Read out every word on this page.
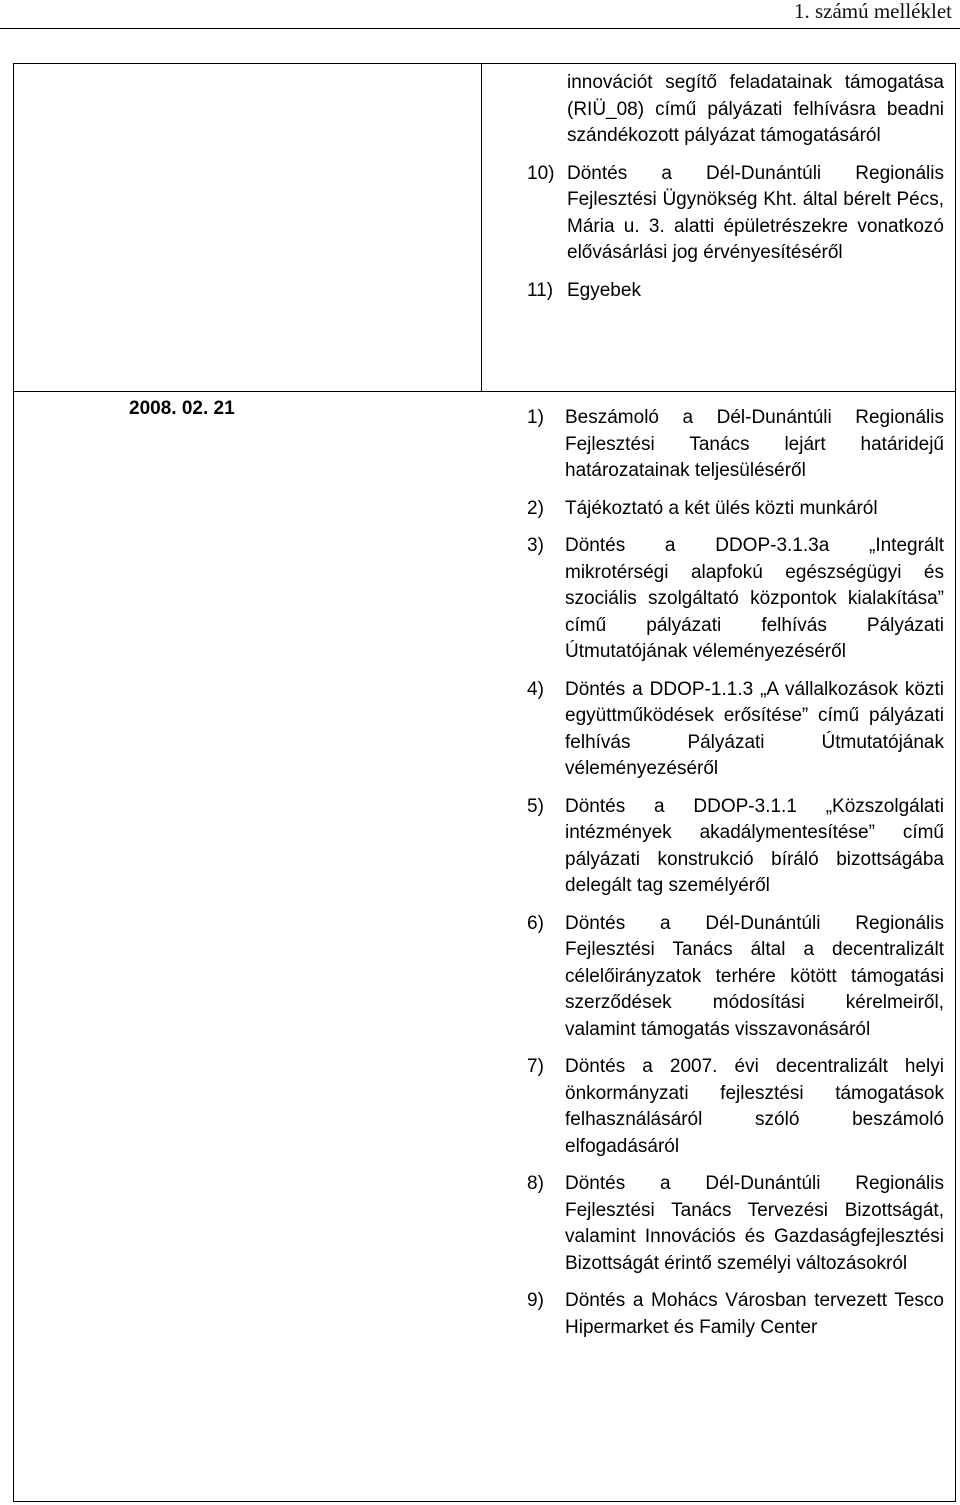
1. számú melléklet
innovációt segítő feladatainak támogatása (RIÜ_08) című pályázati felhívásra beadni szándékozott pályázat támogatásáról
10) Döntés a Dél-Dunántúli Regionális Fejlesztési Ügynökség Kht. által bérelt Pécs, Mária u. 3. alatti épületrészekre vonatkozó elővásárlási jog érvényesítéséről
11) Egyebek
2008. 02. 21	1) Beszámoló a Dél-Dunántúli Regionális Fejlesztési Tanács lejárt határidejű határozatainak teljesüléséről
2) Tájékoztató a két ülés közti munkáról
3) Döntés a DDOP-3.1.3a „Integrált mikrotérségi alapfokú egészségügyi és szociális szolgáltató központok kialakítása” című pályázati felhívás Pályázati Útmutatójának véleményezéséről
4) Döntés a DDOP-1.1.3 „A vállalkozások közti együttműködések erősítése” című pályázati felhívás Pályázati Útmutatójának véleményezéséről
5) Döntés a DDOP-3.1.1 „Közszolgálati intézmények akadálymentesítése” című pályázati konstrukció bíráló bizottságába delegált tag személyéről
6) Döntés a Dél-Dunántúli Regionális Fejlesztési Tanács által a decentralizált célelőirányzatok terhére kötött támogatási szerződések módosítási kérelmeiről, valamint támogatás visszavonásáról
7) Döntés a 2007. évi decentralizált helyi önkormányzati fejlesztési támogatások felhasználásáról szóló beszámoló elfogadásáról
8) Döntés a Dél-Dunántúli Regionális Fejlesztési Tanács Tervezési Bizottságát, valamint Innovációs és Gazdaságfejlesztési Bizottságát érintő személyi változásokról
9) Döntés a Mohács Városban tervezett Tesco Hipermarket és Family Center
